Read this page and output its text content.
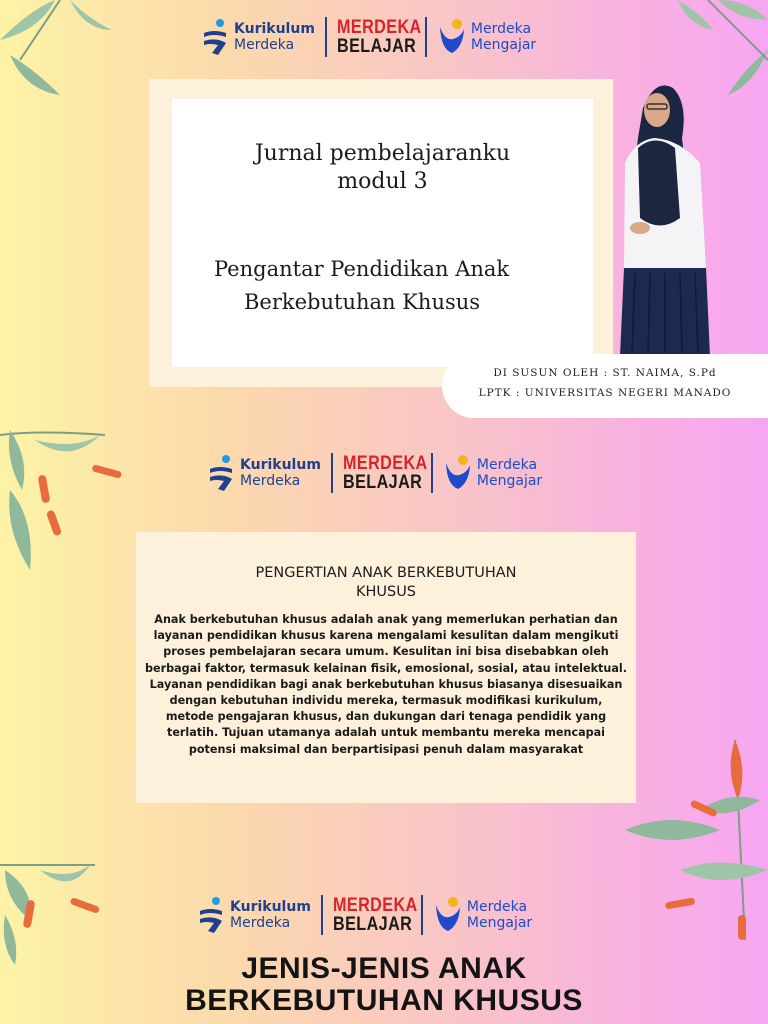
Kurikulum
Merdeka
MERDEKA
BELAJAR
Merdeka
Mengajar
Jurnal pembelajaranku
modul 3
Pengantar Pendidikan Anak
Berkebutuhan Khusus
DI SUSUN OLEH : ST. NAIMA, S.Pd
LPTK : UNIVERSITAS NEGERI MANADO
Kurikulum
Merdeka
MERDEKA
BELAJAR
Merdeka
Mengajar
PENGERTIAN ANAK BERKEBUTUHAN
KHUSUS
Anak berkebutuhan khusus adalah anak yang memerlukan perhatian dan
layanan pendidikan khusus karena mengalami kesulitan dalam mengikuti
proses pembelajaran secara umum. Kesulitan ini bisa disebabkan oleh
berbagai faktor, termasuk kelainan fisik, emosional, sosial, atau intelektual.
Layanan pendidikan bagi anak berkebutuhan khusus biasanya disesuaikan
dengan kebutuhan individu mereka, termasuk modifikasi kurikulum,
metode pengajaran khusus, dan dukungan dari tenaga pendidik yang
terlatih. Tujuan utamanya adalah untuk membantu mereka mencapai
potensi maksimal dan berpartisipasi penuh dalam masyarakat
Kurikulum
Merdeka
MERDEKA
BELAJAR
Merdeka
Mengajar
JENIS-JENIS ANAK
BERKEBUTUHAN KHUSUS
